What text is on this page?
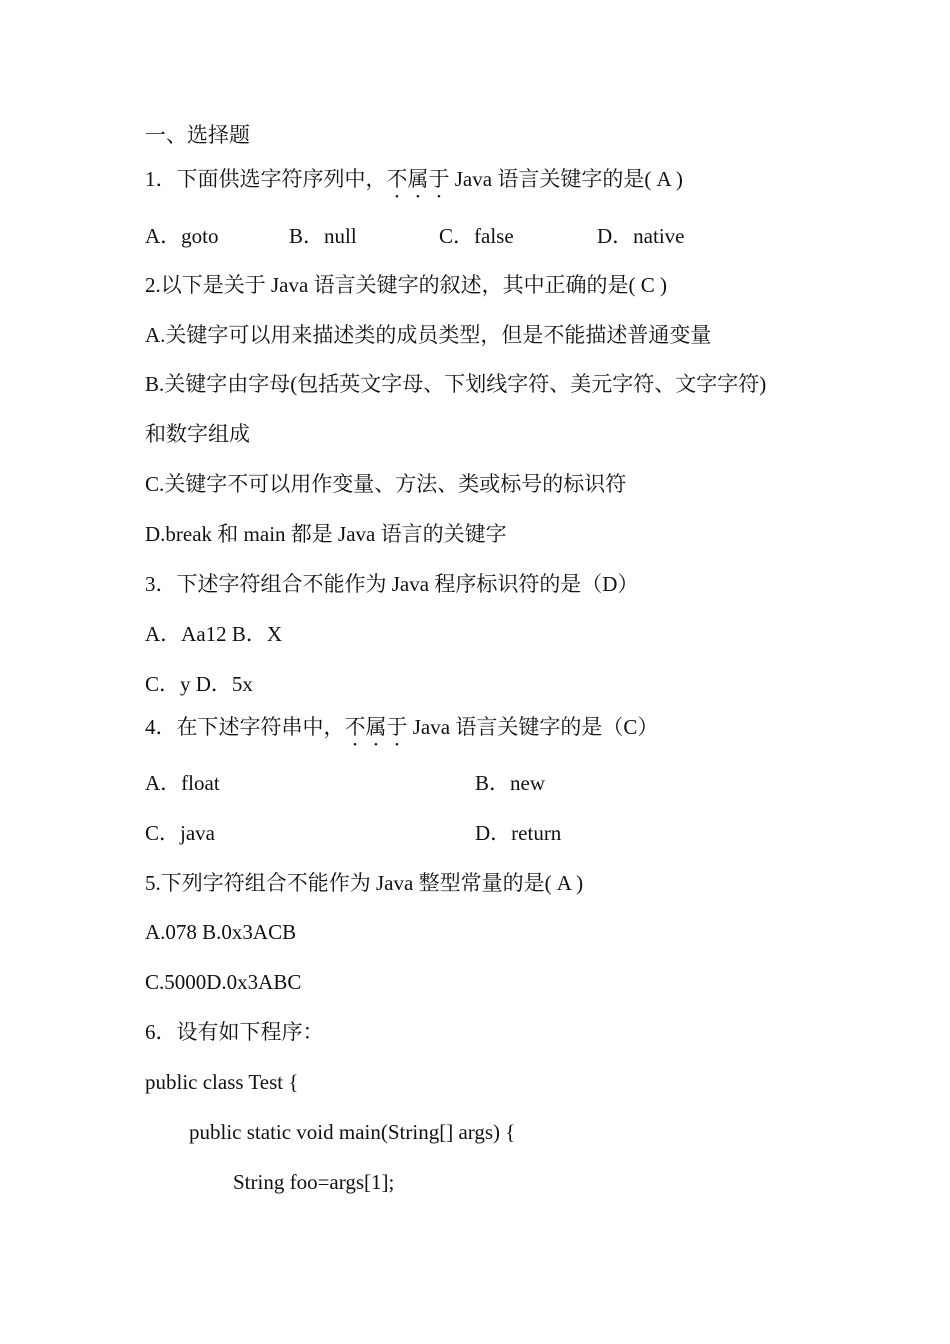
一、选择题
1．下面供选字符序列中，不属于 Java 语言关键字的是( A )
A．goto	B．null	C．false	D．native
2.以下是关于 Java 语言关键字的叙述，其中正确的是( C )
A.关键字可以用来描述类的成员类型，但是不能描述普通变量
B.关键字由字母(包括英文字母、下划线字符、美元字符、文字字符)
和数字组成
C.关键字不可以用作变量、方法、类或标号的标识符
D.break 和 main 都是 Java 语言的关键字
3．下述字符组合不能作为 Java 程序标识符的是（D）
A．Aa12 B．X
C．y D．5x
4．在下述字符串中，不属于 Java 语言关键字的是（C）
A．float	B．new
C．java	D．return
5.下列字符组合不能作为 Java 整型常量的是( A )
A.078 B.0x3ACB
C.5000D.0x3ABC
6．设有如下程序：
public class Test {
public static void main(String[] args) {
String foo=args[1];
